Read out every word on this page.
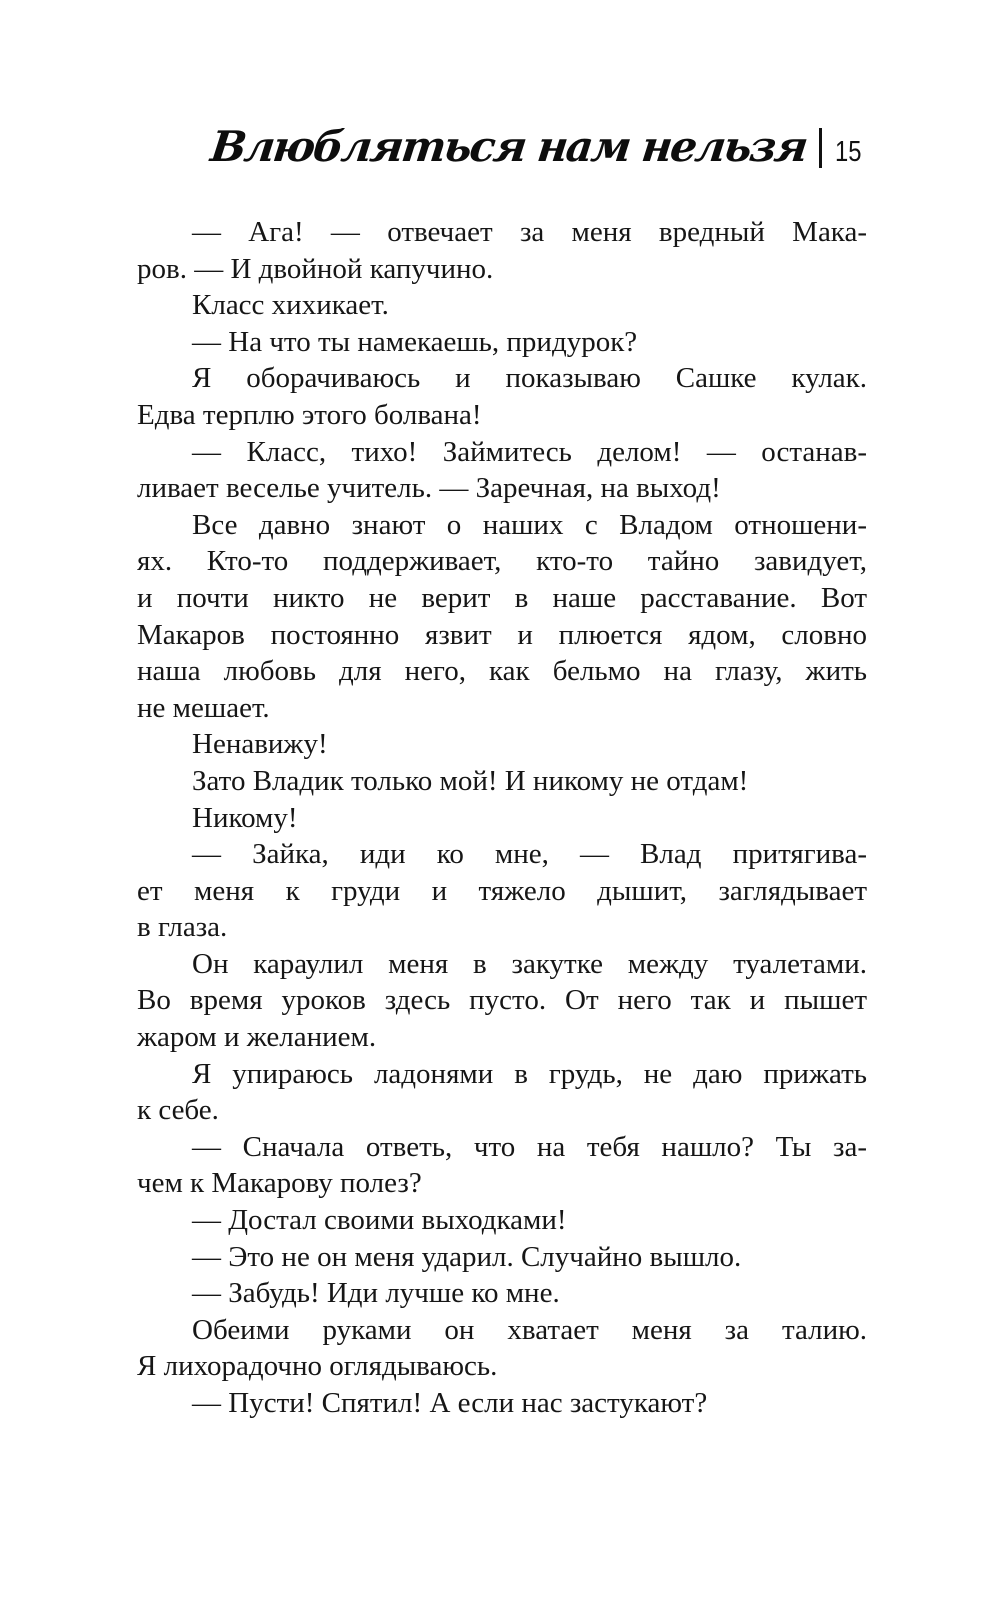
Влюбляться нам нельзя 15
— Ага! — отвечает за меня вредный Мака-
ров. — И двойной капучино.
Класс хихикает.
— На что ты намекаешь, придурок?
Я оборачиваюсь и показываю Сашке кулак.
Едва терплю этого болвана!
— Класс, тихо! Займитесь делом! — останав-
ливает веселье учитель. — Заречная, на выход!
Все давно знают о наших с Владом отношени-
ях. Кто-то поддерживает, кто-то тайно завидует,
и почти никто не верит в наше расставание. Вот
Макаров постоянно язвит и плюется ядом, словно
наша любовь для него, как бельмо на глазу, жить
не мешает.
Ненавижу!
Зато Владик только мой! И никому не отдам!
Никому!
— Зайка, иди ко мне, — Влад притягива-
ет меня к груди и тяжело дышит, заглядывает
в глаза.
Он караулил меня в закутке между туалетами.
Во время уроков здесь пусто. От него так и пышет
жаром и желанием.
Я упираюсь ладонями в грудь, не даю прижать
к себе.
— Сначала ответь, что на тебя нашло? Ты за-
чем к Макарову полез?
— Достал своими выходками!
— Это не он меня ударил. Случайно вышло.
— Забудь! Иди лучше ко мне.
Обеими руками он хватает меня за талию.
Я лихорадочно оглядываюсь.
— Пусти! Спятил! А если нас застукают?
